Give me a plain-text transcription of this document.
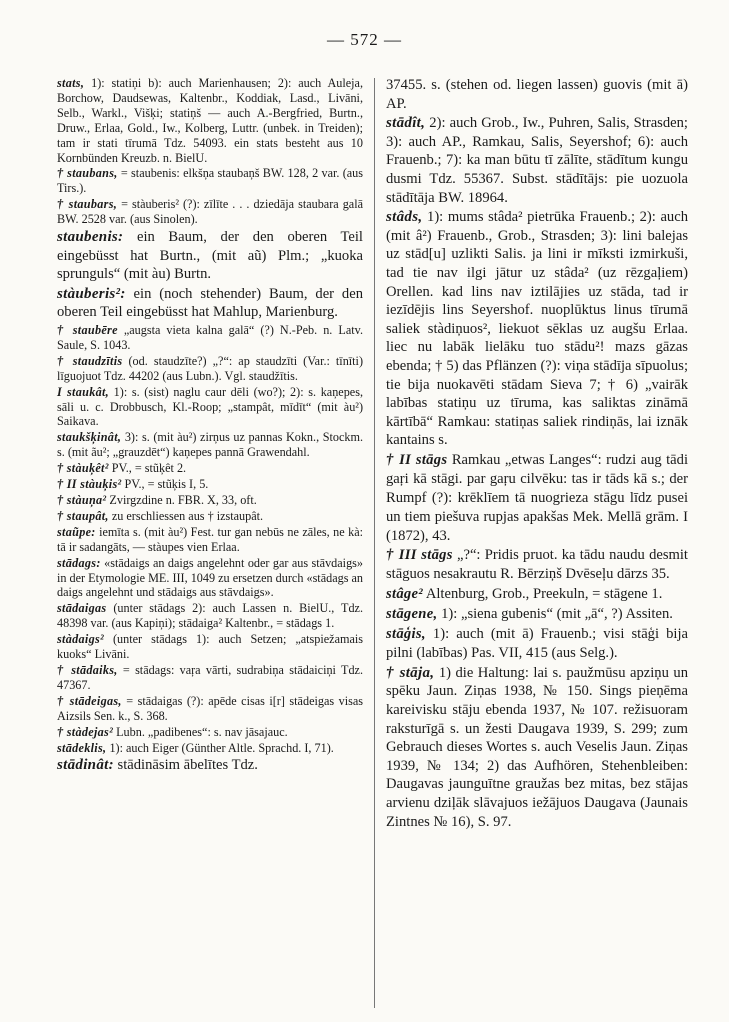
— 572 —
stats, 1): statiņi b): auch Marienhausen; 2): auch Auleja, Borchow, Daudsewas, Kaltenbr., Koddiak, Lasd., Livāni, Selb., Warkl., Višķi; statiņš — auch A.-Bergfried, Burtn., Druw., Erlaa, Gold., Iw., Kolberg, Luttr. (unbek. in Treiden); tam ir stati tīrumā Tdz. 54093. ein stats besteht aus 10 Kornbünden Kreuzb. n. BielU.
† staubans, = staubenis: elkšņa staubaņš BW. 128, 2 var. (aus Tirs.).
† staubars, = stàuberis² (?): zīlīte . . . dziedāja staubara galā BW. 2528 var. (aus Sinolen).
staubenis: ein Baum, der den oberen Teil eingebüsst hat Burtn., (mit aũ) Plm.; „kuoka sprunguls“ (mit àu) Burtn.
stàuberis²: ein (noch stehender) Baum, der den oberen Teil eingebüsst hat Mahlup, Marienburg.
† staubēre „augsta vieta kalna galā“ (?) N.-Peb. n. Latv. Saule, S. 1043.
† staudzītis (od. staudzīte?) „?“: ap staudzīti (Var.: tīnīti) līguojuot Tdz. 44202 (aus Lubn.). Vgl. staudžītis.
I staukât, 1): s. (sist) naglu caur dēli (wo?); 2): s. kaņepes, sāli u. c. Drobbusch, Kl.-Roop; „stampât, mīdīt“ (mit àu²) Saikava.
staukšķinât, 3): s. (mit àu²) zirņus uz pannas Kokn., Stockm. s. (mit ãu²; „grauzdēt“) kaņepes pannā Grawendahl.
† stàuķêt² PV., = stũķêt 2.
† II stàuķis² PV., = stũķis I, 5.
† stàuņa² Zvirgzdine n. FBR. X, 33, oft.
† staupât, zu erschliessen aus † izstaupât.
staũpe: iemīta s. (mit àu²) Fest. tur gan nebūs ne zāles, ne kà: tā ir sadangāts, — stàupes vien Erlaa.
stādags: «stādaigs an daigs angelehnt oder gar aus stāvdaigs» in der Etymologie ME. III, 1049 zu ersetzen durch «stādags an daigs angelehnt und stādaigs aus stāvdaigs».
stādaigas (unter stādags 2): auch Lassen n. BielU., Tdz. 48398 var. (aus Kapiņi); stādaiga² Kaltenbr., = stādags 1.
stàdaigs² (unter stādags 1): auch Setzen; „atspiežamais kuoks“ Livāni.
† stādaiks, = stādags: vaŗa vārti, sudrabiņa stādaiciņi Tdz. 47367.
† stādeigas, = stādaigas (?): apēde cisas i[r] stādeigas visas Aizsils Sen. k., S. 368.
† stàdejas² Lubn. „padibenes“: s. nav jāsajauc.
stādeklis, 1): auch Eiger (Günther Altle. Sprachd. I, 71).
stādinât: stādināsim ābelītes Tdz.
37455. s. (stehen od. liegen lassen) guovis (mit ā) AP.
stādît, 2): auch Grob., Iw., Puhren, Salis, Strasden; 3): auch AP., Ramkau, Salis, Seyershof; 6): auch Frauenb.; 7): ka man būtu tī zālīte, stādītum kungu dusmi Tdz. 55367. Subst. stādītājs: pie uozuola stādītāja BW. 18964.
stâds, 1): mums stâda² pietrūka Frauenb.; 2): auch (mit â²) Frauenb., Grob., Strasden; 3): lini balejas uz stād[u] uzlikti Salis. ja lini ir mīksti izmirkuši, tad tie nav ilgi jātur uz stâda² (uz rēzgaļiem) Orellen. kad lins nav iztilājies uz stāda, tad ir iezīdējis lins Seyershof. nuoplūktus linus tīrumā saliek stàdiņuos², liekuot sēklas uz augšu Erlaa. liec nu labāk lielāku tuo stādu²! mazs gāzas ebenda; † 5) das Pflänzen (?): viņa stādīja sīpuolus; tie bija nuokavēti stādam Sieva 7; † 6) „vairāk labības statiņu uz tīruma, kas saliktas zināmā kārtībā“ Ramkau: statiņas saliek rindiņās, lai iznāk kantains s.
† II stāgs Ramkau „etwas Langes“: rudzi aug tādi gaŗi kā stāgi. par gaŗu cilvēku: tas ir tāds kā s.; der Rumpf (?): krēklīem tā nuogrieza stāgu līdz pusei un tiem piešuva rupjas apakšas Mek. Mellā grām. I (1872), 43.
† III stāgs „?“: Pridis pruot. ka tādu naudu desmit stāguos nesakrautu R. Bērziņš Dvēseļu dārzs 35.
stâge² Altenburg, Grob., Preekuln, = stāgene 1.
stāgene, 1): „siena gubenis“ (mit „ā“, ?) Assiten.
stāģis, 1): auch (mit ā) Frauenb.; visi stāģi bija pilni (labības) Pas. VII, 415 (aus Selg.).
† stāja, 1) die Haltung: lai s. paužmūsu apziņu un spēku Jaun. Ziņas 1938, № 150. Sings pieņēma kareivisku stāju ebenda 1937, № 107. režisuoram raksturīgā s. un žesti Daugava 1939, S. 299; zum Gebrauch dieses Wortes s. auch Veselis Jaun. Ziņas 1939, № 134; 2) das Aufhören, Stehenbleiben: Daugavas jaunguītne graužas bez mitas, bez stājas arvienu dziļāk slāvajuos iežājuos Daugava (Jaunais Zintnes № 16), S. 97.
